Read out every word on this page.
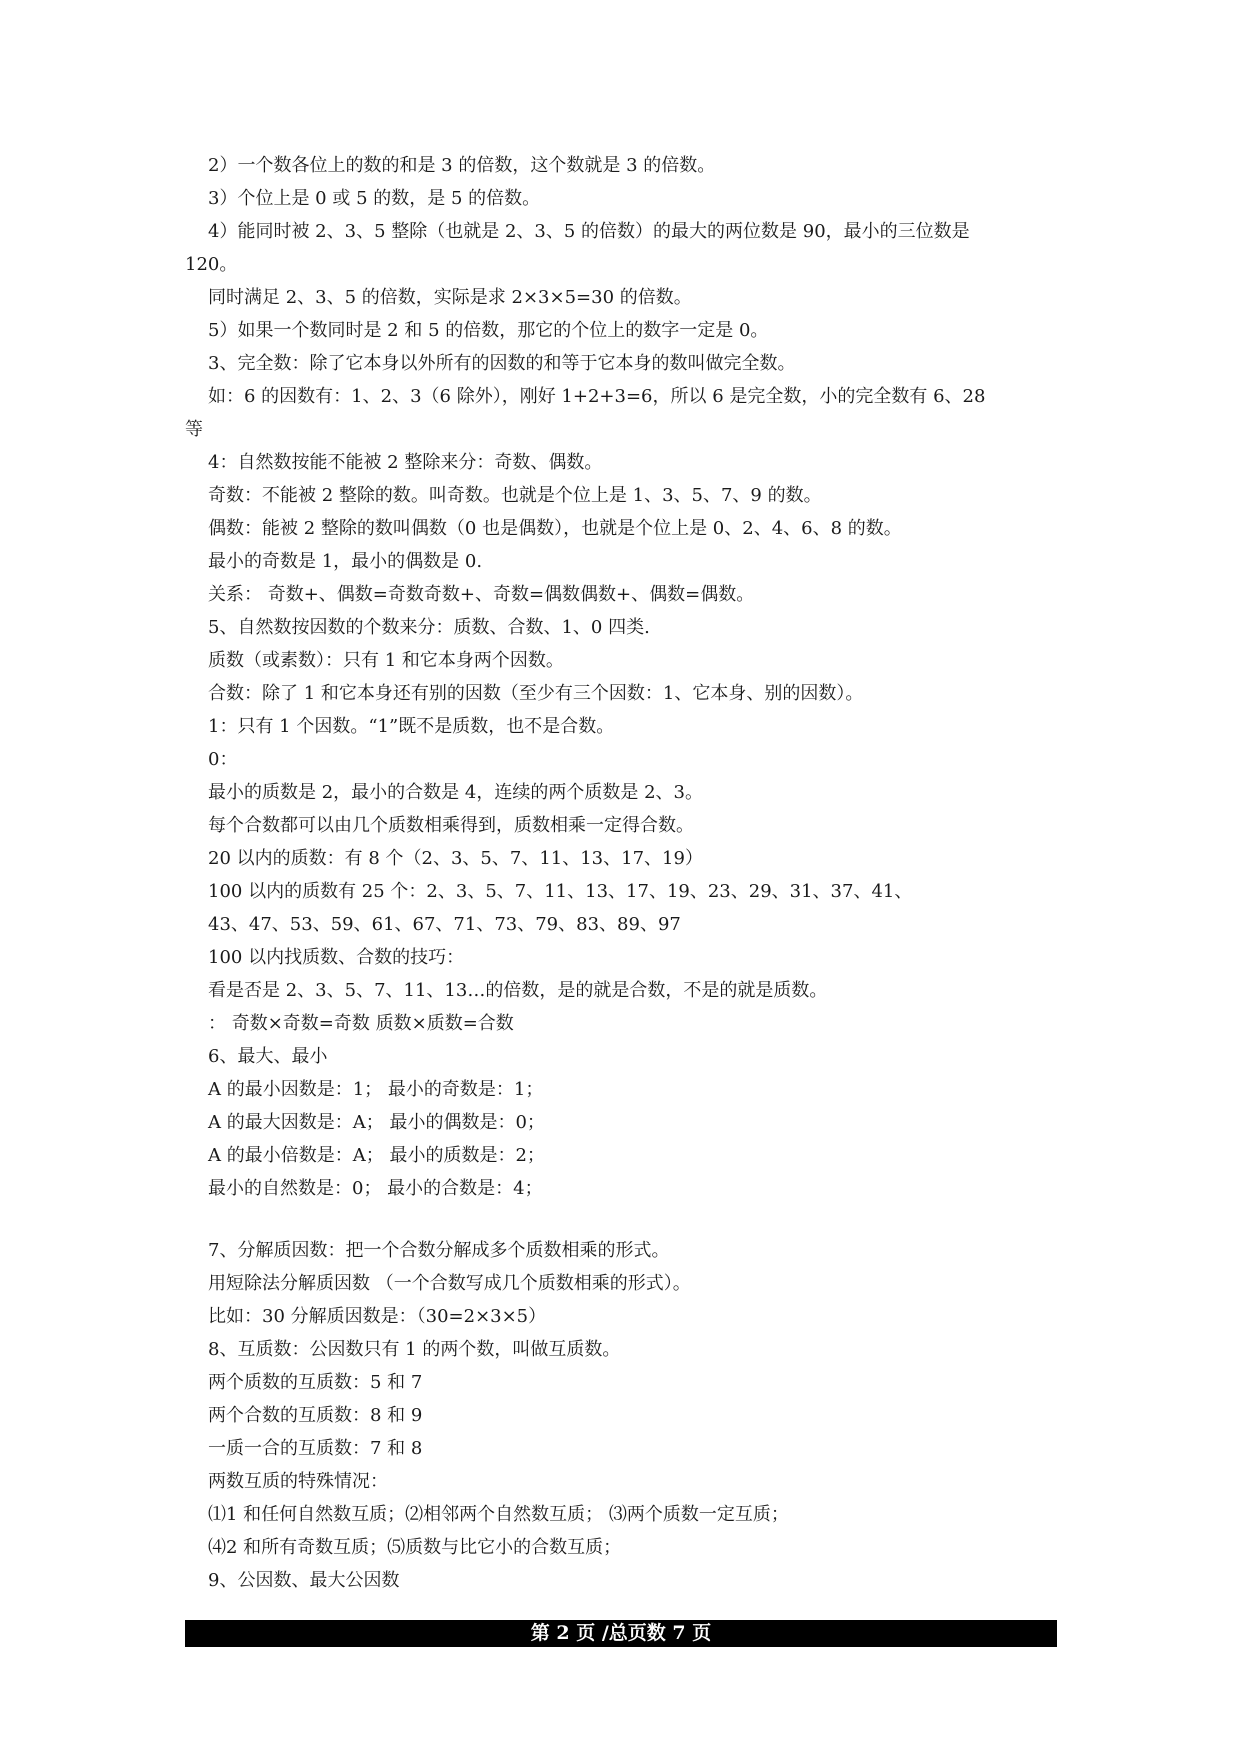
2）一个数各位上的数的和是 3 的倍数，这个数就是 3 的倍数。
3）个位上是 0 或 5 的数，是 5 的倍数。
4）能同时被 2、3、5 整除（也就是 2、3、5 的倍数）的最大的两位数是 90，最小的三位数是
120。
同时满足 2、3、5 的倍数，实际是求 2×3×5=30 的倍数。
5）如果一个数同时是 2 和 5 的倍数，那它的个位上的数字一定是 0。
3、完全数：除了它本身以外所有的因数的和等于它本身的数叫做完全数。
如：6 的因数有：1、2、3（6 除外），刚好 1+2+3=6，所以 6 是完全数，小的完全数有 6、28
等
4：自然数按能不能被 2 整除来分：奇数、偶数。
奇数：不能被 2 整除的数。叫奇数。也就是个位上是 1、3、5、7、9 的数。
偶数：能被 2 整除的数叫偶数（0 也是偶数），也就是个位上是 0、2、4、6、8 的数。
最小的奇数是 1，最小的偶数是 0.
关系： 奇数+、偶数=奇数奇数+、奇数=偶数偶数+、偶数=偶数。
5、自然数按因数的个数来分：质数、合数、1、0 四类.
质数（或素数）：只有 1 和它本身两个因数。
合数：除了 1 和它本身还有别的因数（至少有三个因数：1、它本身、别的因数）。
1：只有 1 个因数。“1”既不是质数，也不是合数。
0：
最小的质数是 2，最小的合数是 4，连续的两个质数是 2、3。
每个合数都可以由几个质数相乘得到，质数相乘一定得合数。
20 以内的质数：有 8 个（2、3、5、7、11、13、17、19）
100 以内的质数有 25 个：2、3、5、7、11、13、17、19、23、29、31、37、41、
43、47、53、59、61、67、71、73、79、83、89、97
100 以内找质数、合数的技巧：
看是否是 2、3、5、7、11、13…的倍数，是的就是合数，不是的就是质数。
： 奇数×奇数=奇数 质数×质数=合数
6、最大、最小
A 的最小因数是：1； 最小的奇数是：1；
A 的最大因数是：A； 最小的偶数是：0；
A 的最小倍数是：A； 最小的质数是：2；
最小的自然数是：0； 最小的合数是：4；
7、分解质因数：把一个合数分解成多个质数相乘的形式。
用短除法分解质因数 （一个合数写成几个质数相乘的形式）。
比如：30 分解质因数是：（30=2×3×5）
8、互质数：公因数只有 1 的两个数，叫做互质数。
两个质数的互质数：5 和 7
两个合数的互质数：8 和 9
一质一合的互质数：7 和 8
两数互质的特殊情况：
⑴1 和任何自然数互质；⑵相邻两个自然数互质； ⑶两个质数一定互质；
⑷2 和所有奇数互质；⑸质数与比它小的合数互质；
9、公因数、最大公因数
第 2 页 /总页数 7 页
